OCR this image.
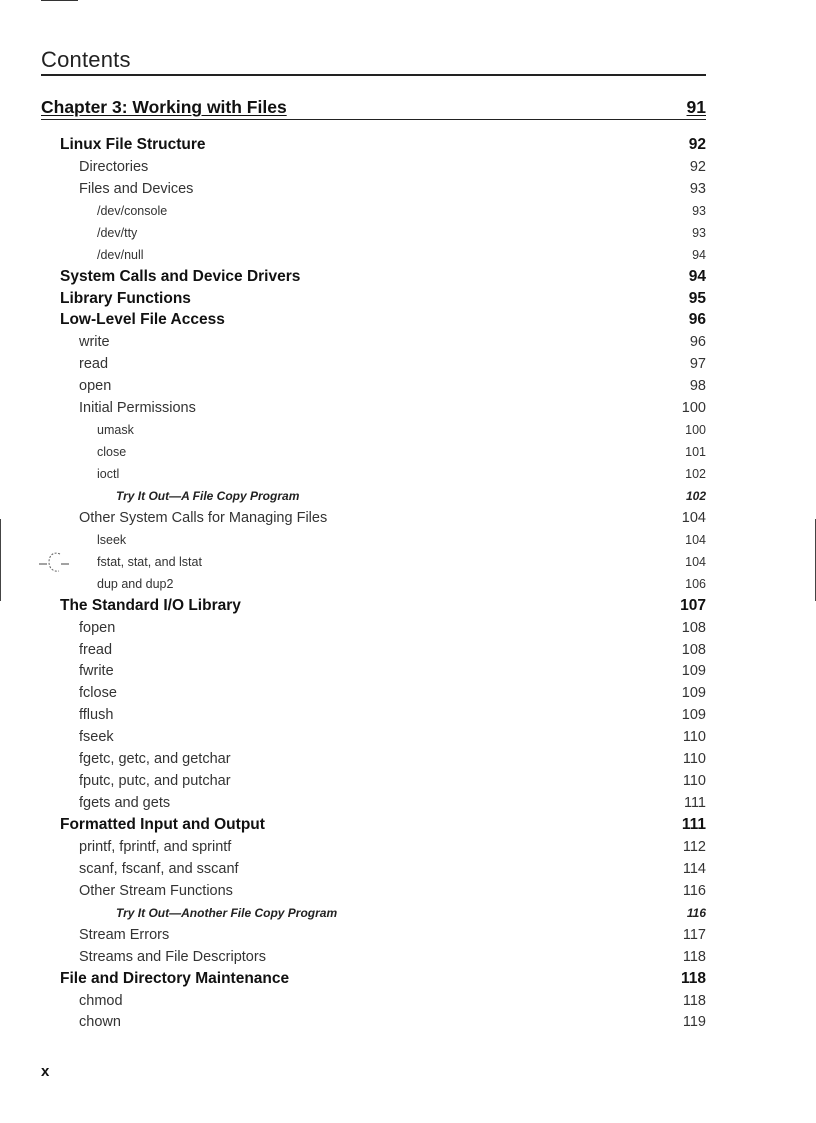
Contents
Chapter 3: Working with Files	91
Linux File Structure	92
Directories	92
Files and Devices	93
/dev/console	93
/dev/tty	93
/dev/null	94
System Calls and Device Drivers	94
Library Functions	95
Low-Level File Access	96
write	96
read	97
open	98
Initial Permissions	100
umask	100
close	101
ioctl	102
Try It Out—A File Copy Program	102
Other System Calls for Managing Files	104
lseek	104
fstat, stat, and lstat	104
dup and dup2	106
The Standard I/O Library	107
fopen	108
fread	108
fwrite	109
fclose	109
fflush	109
fseek	110
fgetc, getc, and getchar	110
fputc, putc, and putchar	110
fgets and gets	111
Formatted Input and Output	111
printf, fprintf, and sprintf	112
scanf, fscanf, and sscanf	114
Other Stream Functions	116
Try It Out—Another File Copy Program	116
Stream Errors	117
Streams and File Descriptors	118
File and Directory Maintenance	118
chmod	118
chown	119
x
